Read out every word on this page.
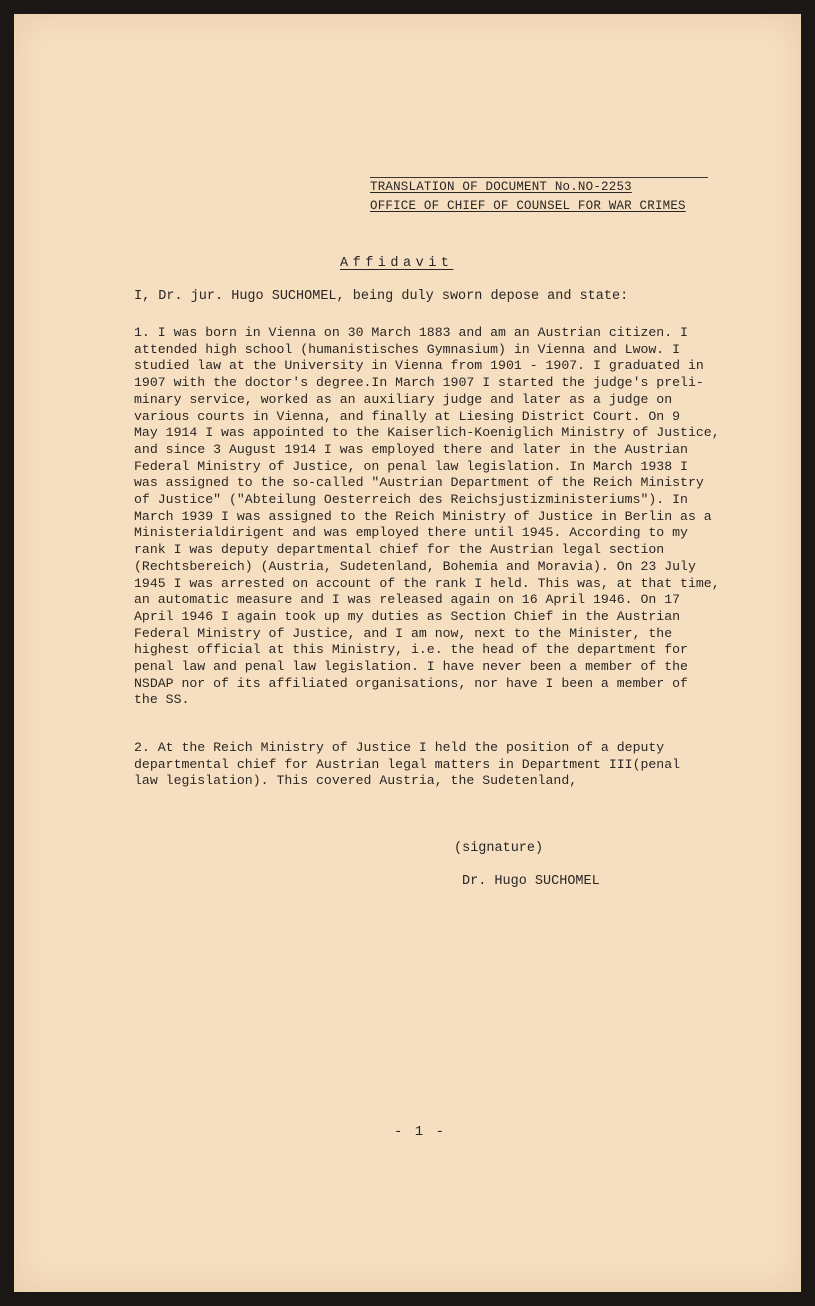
TRANSLATION OF DOCUMENT No.NO-2253
OFFICE OF CHIEF OF COUNSEL FOR WAR CRIMES
Affidavit
I, Dr. jur. Hugo SUCHOMEL, being duly sworn depose and state:
1. I was born in Vienna on 30 March 1883 and am an Austrian citizen. I
attended high school (humanistisches Gymnasium) in Vienna and Lwow. I
studied law at the University in Vienna from 1901 - 1907. I graduated in
1907 with the doctor's degree.In March 1907 I started the judge's preli-
minary service, worked as an auxiliary judge and later as a judge on
various courts in Vienna, and finally at Liesing District Court. On 9
May 1914 I was appointed to the Kaiserlich-Koeniglich Ministry of Justice,
and since 3 August 1914 I was employed there and later in the Austrian
Federal Ministry of Justice, on penal law legislation. In March 1938 I
was assigned to the so-called "Austrian Department of the Reich Ministry
of Justice" ("Abteilung Oesterreich des Reichsjustizministeriums"). In
March 1939 I was assigned to the Reich Ministry of Justice in Berlin as a
Ministerialdirigent and was employed there until 1945. According to my
rank I was deputy departmental chief for the Austrian legal section
(Rechtsbereich) (Austria, Sudetenland, Bohemia and Moravia). On 23 July
1945 I was arrested on account of the rank I held. This was, at that time,
an automatic measure and I was released again on 16 April 1946. On 17
April 1946 I again took up my duties as Section Chief in the Austrian
Federal Ministry of Justice, and I am now, next to the Minister, the
highest official at this Ministry, i.e. the head of the department for
penal law and penal law legislation. I have never been a member of the
NSDAP nor of its affiliated organisations, nor have I been a member of
the SS.
2. At the Reich Ministry of Justice I held the position of a deputy
departmental chief for Austrian legal matters in Department III(penal
law legislation). This covered Austria, the Sudetenland,
(signature)
Dr. Hugo SUCHOMEL
- 1 -
